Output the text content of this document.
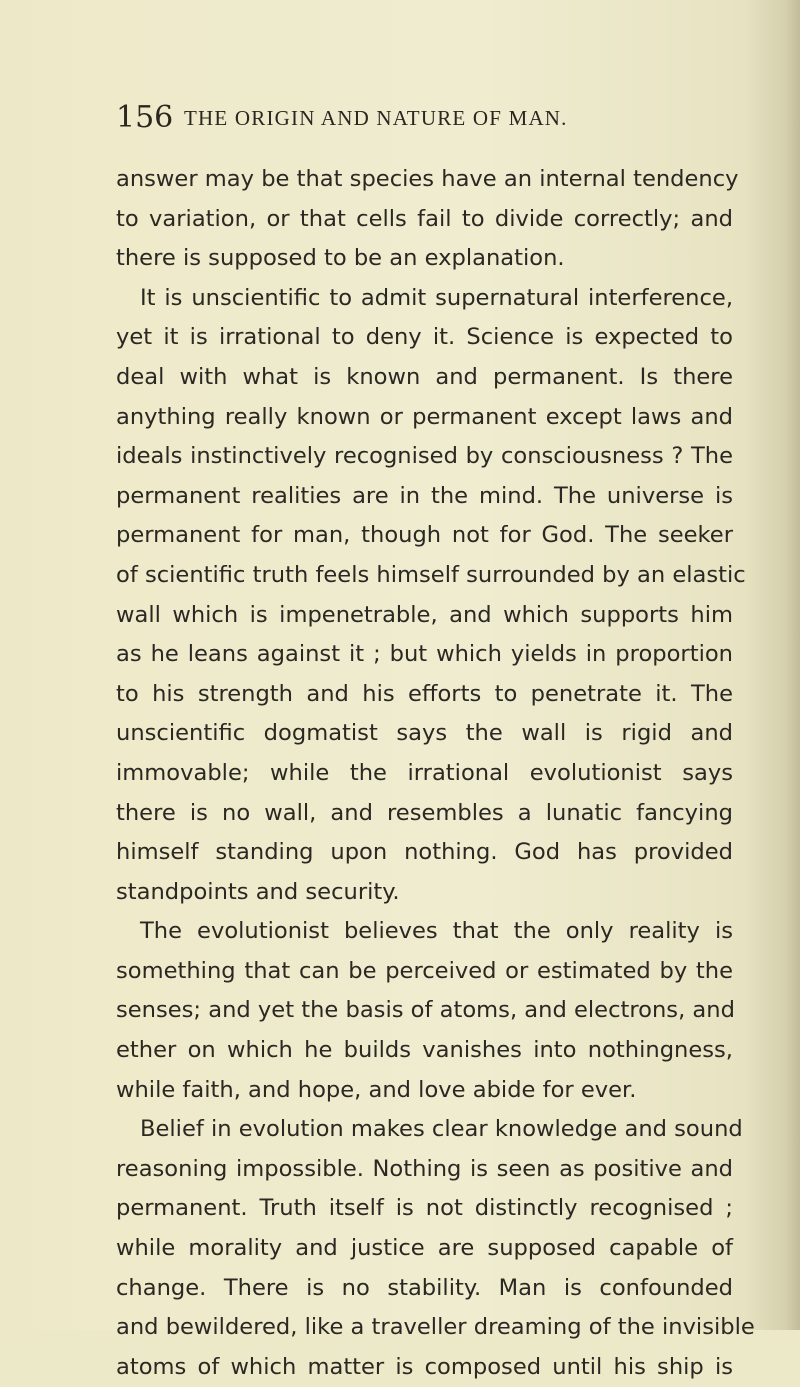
156 THE ORIGIN AND NATURE OF MAN.
answer may be that species have an internal tendency
to variation, or that cells fail to divide correctly; and
there is supposed to be an explanation.
It is unscientific to admit supernatural interference,
yet it is irrational to deny it. Science is expected to
deal with what is known and permanent. Is there
anything really known or permanent except laws and
ideals instinctively recognised by consciousness ? The
permanent realities are in the mind. The universe is
permanent for man, though not for God. The seeker
of scientific truth feels himself surrounded by an elastic
wall which is impenetrable, and which supports him
as he leans against it ; but which yields in proportion
to his strength and his efforts to penetrate it. The
unscientific dogmatist says the wall is rigid and
immovable; while the irrational evolutionist says
there is no wall, and resembles a lunatic fancying
himself standing upon nothing. God has provided
standpoints and security.
The evolutionist believes that the only reality is
something that can be perceived or estimated by the
senses; and yet the basis of atoms, and electrons, and
ether on which he builds vanishes into nothingness,
while faith, and hope, and love abide for ever.
Belief in evolution makes clear knowledge and sound
reasoning impossible. Nothing is seen as positive and
permanent. Truth itself is not distinctly recognised ;
while morality and justice are supposed capable of
change. There is no stability. Man is confounded
and bewildered, like a traveller dreaming of the invisible
atoms of which matter is composed until his ship is
